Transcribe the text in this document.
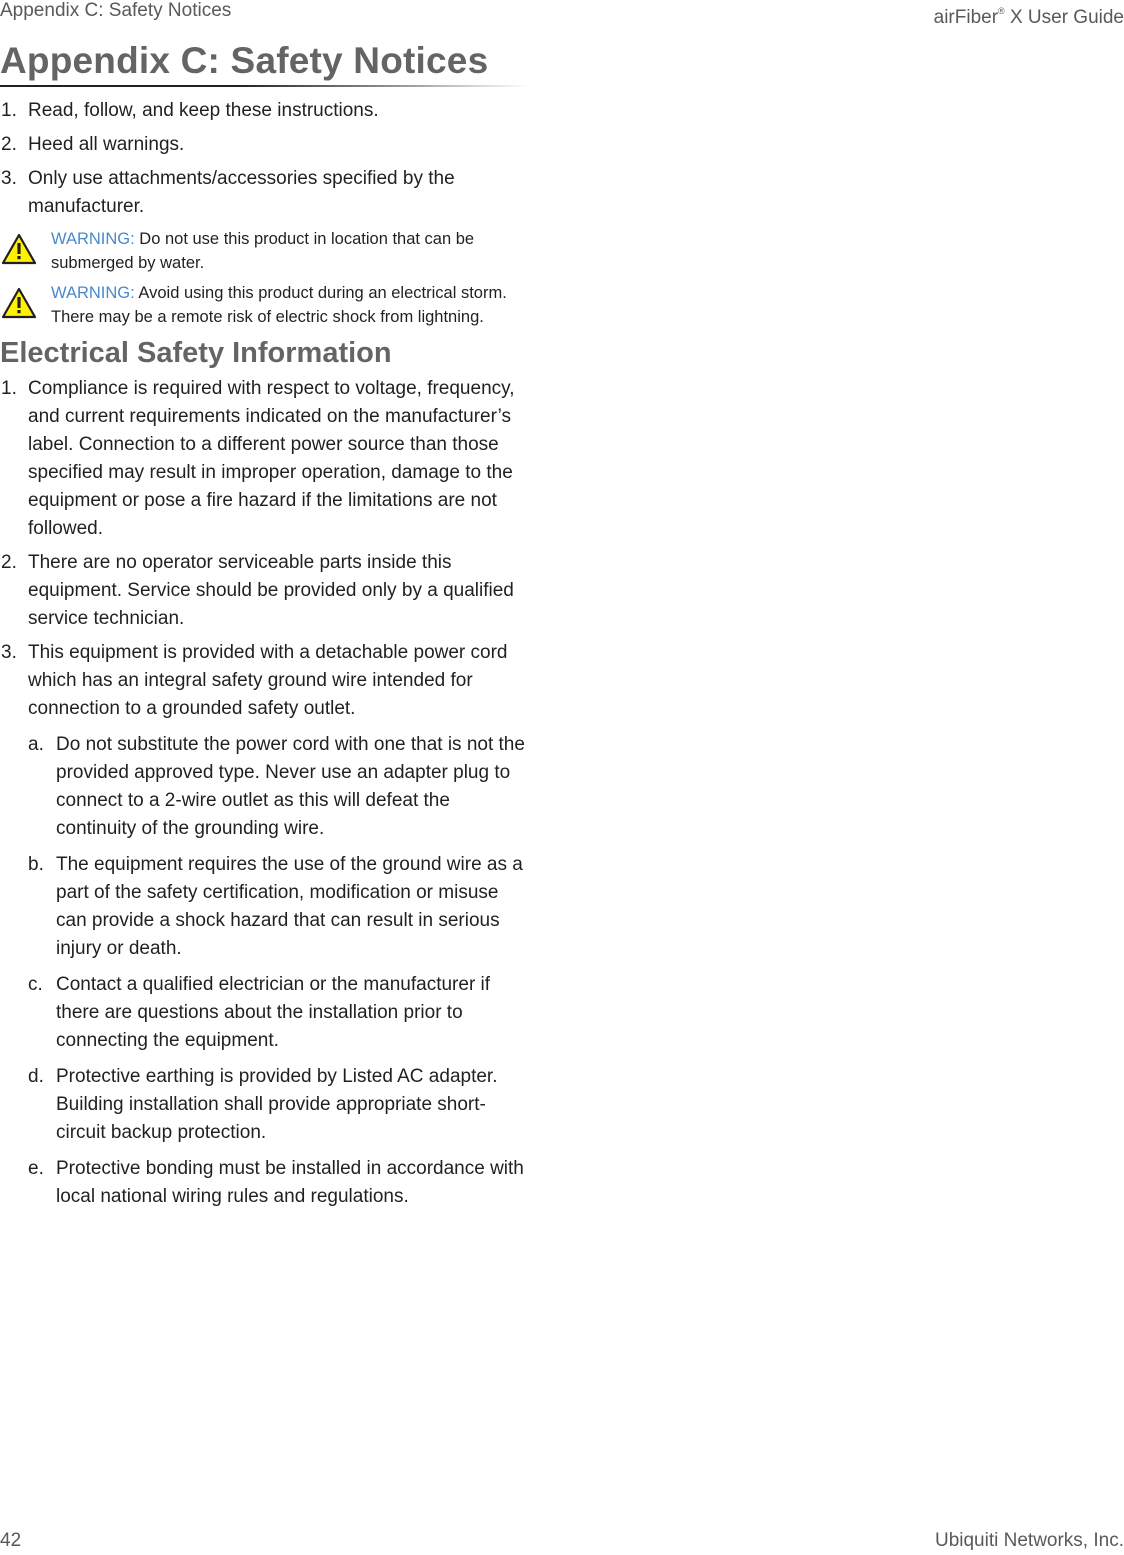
Appendix C: Safety Notices	airFiber® X User Guide
Appendix C: Safety Notices
1. Read, follow, and keep these instructions.
2. Heed all warnings.
3. Only use attachments/accessories specified by the manufacturer.
WARNING: Do not use this product in location that can be submerged by water.
WARNING: Avoid using this product during an electrical storm. There may be a remote risk of electric shock from lightning.
Electrical Safety Information
1. Compliance is required with respect to voltage, frequency, and current requirements indicated on the manufacturer’s label. Connection to a different power source than those specified may result in improper operation, damage to the equipment or pose a fire hazard if the limitations are not followed.
2. There are no operator serviceable parts inside this equipment. Service should be provided only by a qualified service technician.
3. This equipment is provided with a detachable power cord which has an integral safety ground wire intended for connection to a grounded safety outlet.
a. Do not substitute the power cord with one that is not the provided approved type. Never use an adapter plug to connect to a 2-wire outlet as this will defeat the continuity of the grounding wire.
b. The equipment requires the use of the ground wire as a part of the safety certification, modification or misuse can provide a shock hazard that can result in serious injury or death.
c. Contact a qualified electrician or the manufacturer if there are questions about the installation prior to connecting the equipment.
d. Protective earthing is provided by Listed AC adapter. Building installation shall provide appropriate short-circuit backup protection.
e. Protective bonding must be installed in accordance with local national wiring rules and regulations.
42	Ubiquiti Networks, Inc.
